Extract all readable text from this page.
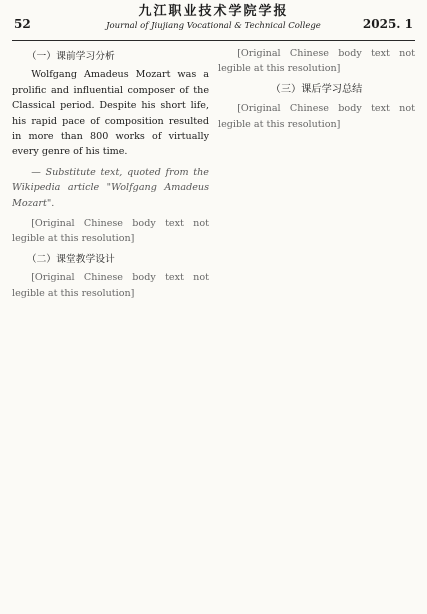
52
九江职业技术学院学报
Journal of Jiujiang Vocational & Technical College	2025. 1
（一）课前学习分析

Wolfgang Amadeus Mozart was a prolific and influential composer of the Classical period. Despite his short life, his rapid pace of composition resulted in more than 800 works of virtually every genre of his time.

— Substitute text, quoted from the Wikipedia article "Wolfgang Amadeus Mozart".

[Original Chinese body text not legible at this resolution]

（二）课堂教学设计

[Original Chinese body text not legible at this resolution]

[Original Chinese body text not legible at this resolution]

（三）课后学习总结

[Original Chinese body text not legible at this resolution]
